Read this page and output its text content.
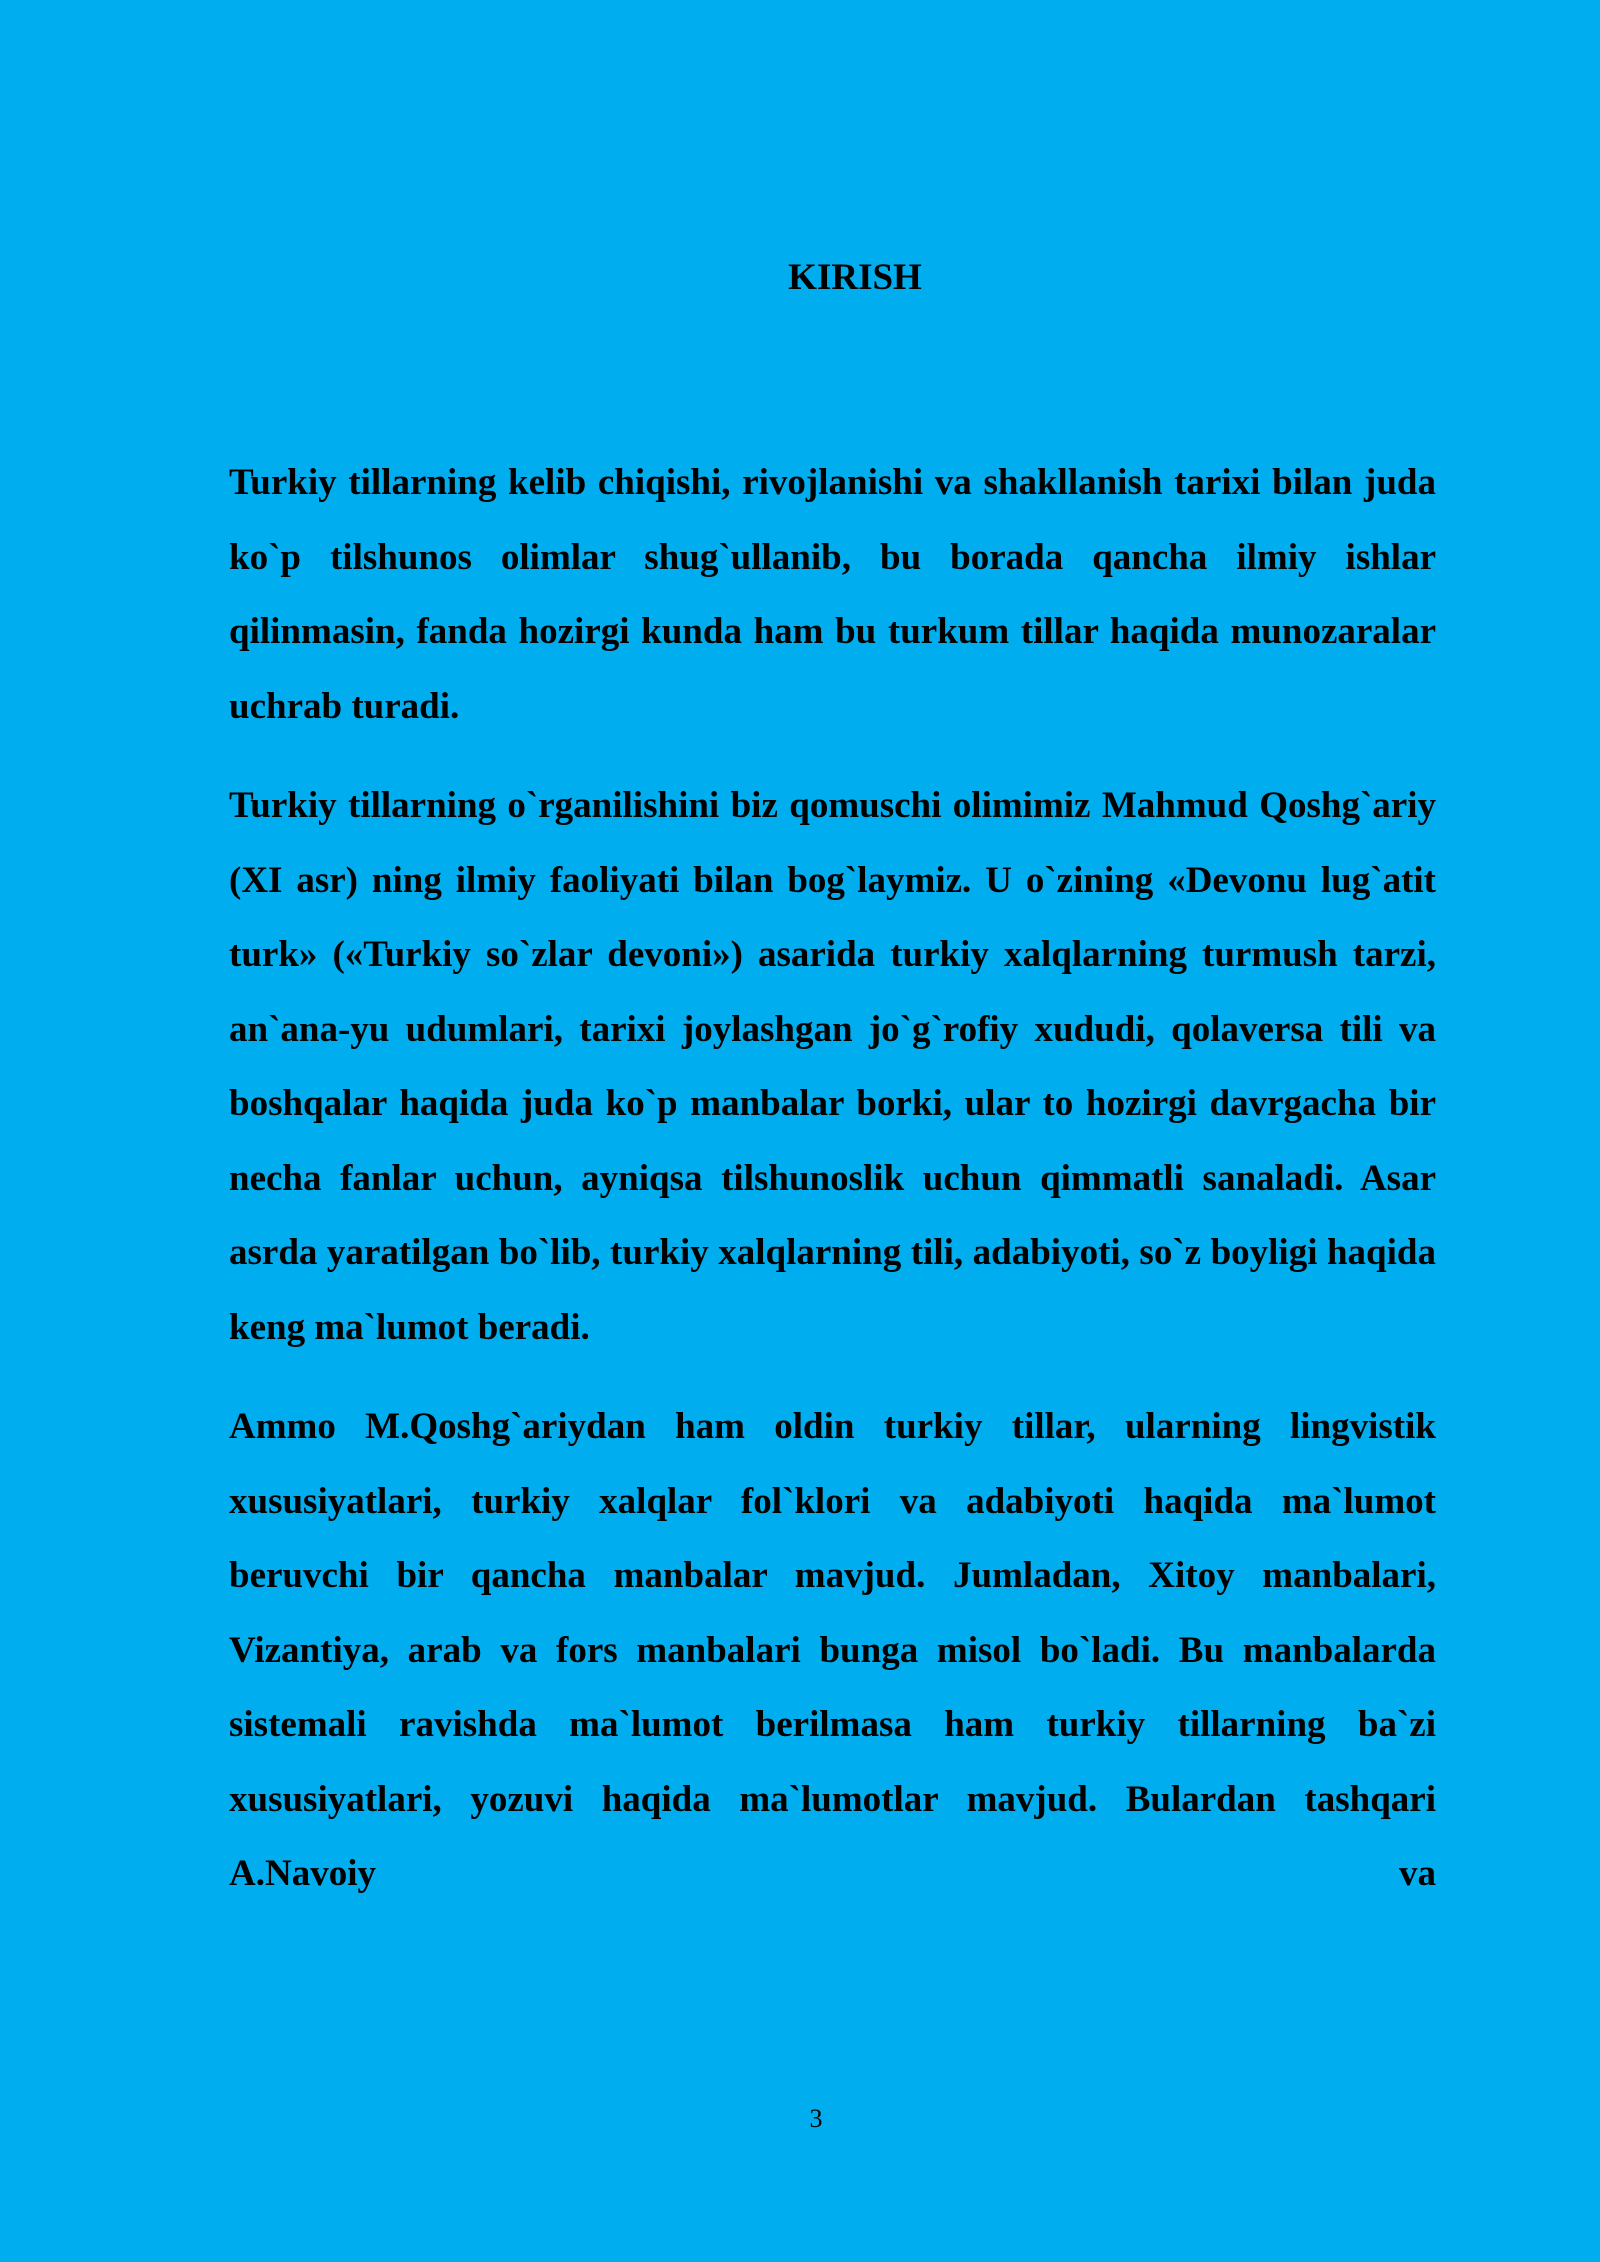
KIRISH

Turkiy tillarning kelib chiqishi, rivojlanishi va shakllanish tarixi bilan juda ko`p tilshunos olimlar shug`ullanib, bu borada qancha ilmiy ishlar qilinmasin, fanda hozirgi kunda ham bu turkum tillar haqida munozaralar uchrab turadi.

Turkiy tillarning o`rganilishini biz qomuschi olimimiz Mahmud Qoshg`ariy (XI asr) ning ilmiy faoliyati bilan bog`laymiz. U o`zining «Devonu lug`atit turk» («Turkiy so`zlar devoni») asarida turkiy xalqlarning turmush tarzi, an`ana-yu udumlari, tarixi joylashgan jo`g`rofiy xududi, qolaversa tili va boshqalar haqida juda ko`p manbalar borki, ular to hozirgi davrgacha bir necha fanlar uchun, ayniqsa tilshunoslik uchun qimmatli sanaladi. Asar asrda yaratilgan bo`lib, turkiy xalqlarning tili, adabiyoti, so`z boyligi haqida keng ma`lumot beradi.

Ammo M.Qoshg`ariydan ham oldin turkiy tillar, ularning lingvistik xususiyatlari, turkiy xalqlar fol`klori va adabiyoti haqida ma`lumot beruvchi bir qancha manbalar mavjud. Jumladan, Xitoy manbalari, Vizantiya, arab va fors manbalari bunga misol bo`ladi. Bu manbalarda sistemali ravishda ma`lumot berilmasa ham turkiy tillarning ba`zi xususiyatlari, yozuvi haqida ma`lumotlar mavjud. Bulardan tashqari A.Navoiy va

3
